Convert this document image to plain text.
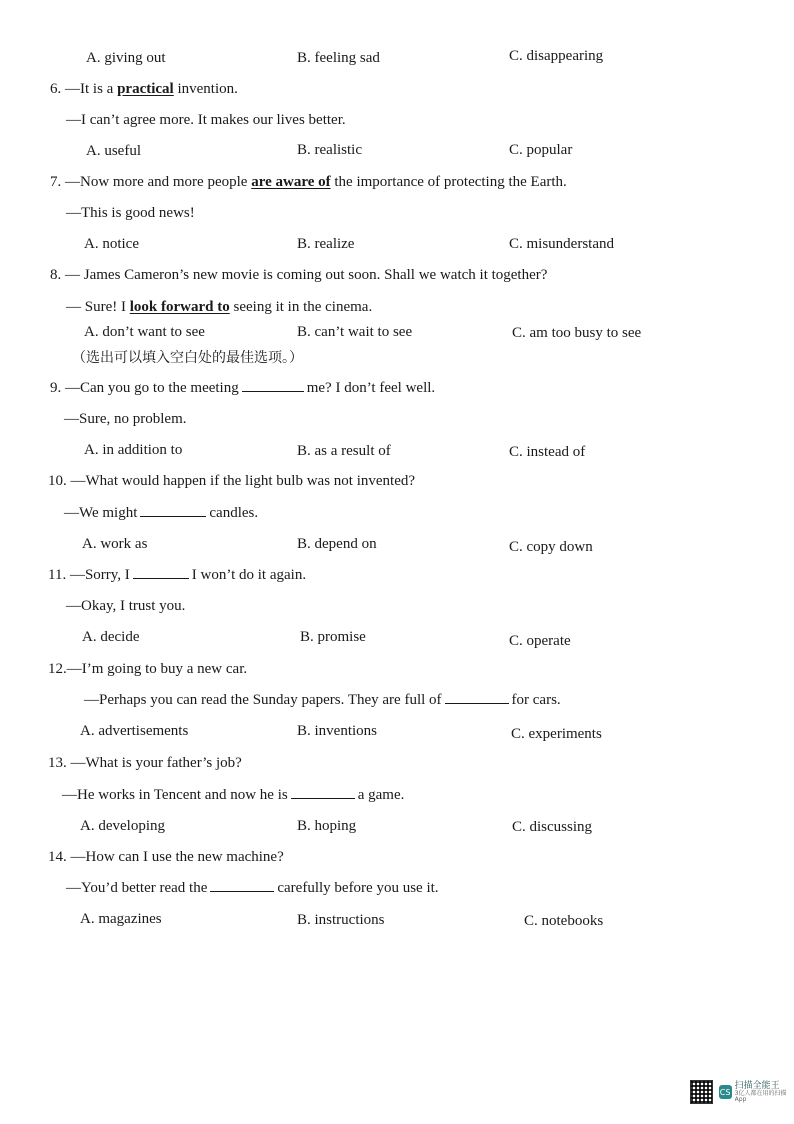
A. giving out	B. feeling sad	C. disappearing
6. —It is a practical invention.
—I can’t agree more. It makes our lives better.
A. useful	B. realistic	C. popular
7. —Now more and more people are aware of the importance of protecting the Earth.
—This is good news!
A. notice	B. realize	C. misunderstand
8. — James Cameron’s new movie is coming out soon. Shall we watch it together?
— Sure! I look forward to seeing it in the cinema.
A. don’t want to see	B. can’t wait to see	C. am too busy to see
（选出可以填入空白处的最佳选项。）
9. —Can you go to the meeting	me? I don’t feel well.
—Sure, no problem.
A. in addition to	B. as a result of	C. instead of
10. —What would happen if the light bulb was not invented?
—We might	candles.
A. work as	B. depend on	C. copy down
11. —Sorry, I	I won’t do it again.
—Okay, I trust you.
A. decide	B. promise	C. operate
12.—I’m going to buy a new car.
—Perhaps you can read the Sunday papers. They are full of	for cars.
A. advertisements	B. inventions	C. experiments
13. —What is your father’s job?
—He works in Tencent and now he is	a game.
A. developing	B. hoping	C. discussing
14. —How can I use the new machine?
—You’d better read the	carefully before you use it.
A. magazines	B. instructions	C. notebooks
CS
扫描全能王
3亿人都在用的扫描App
